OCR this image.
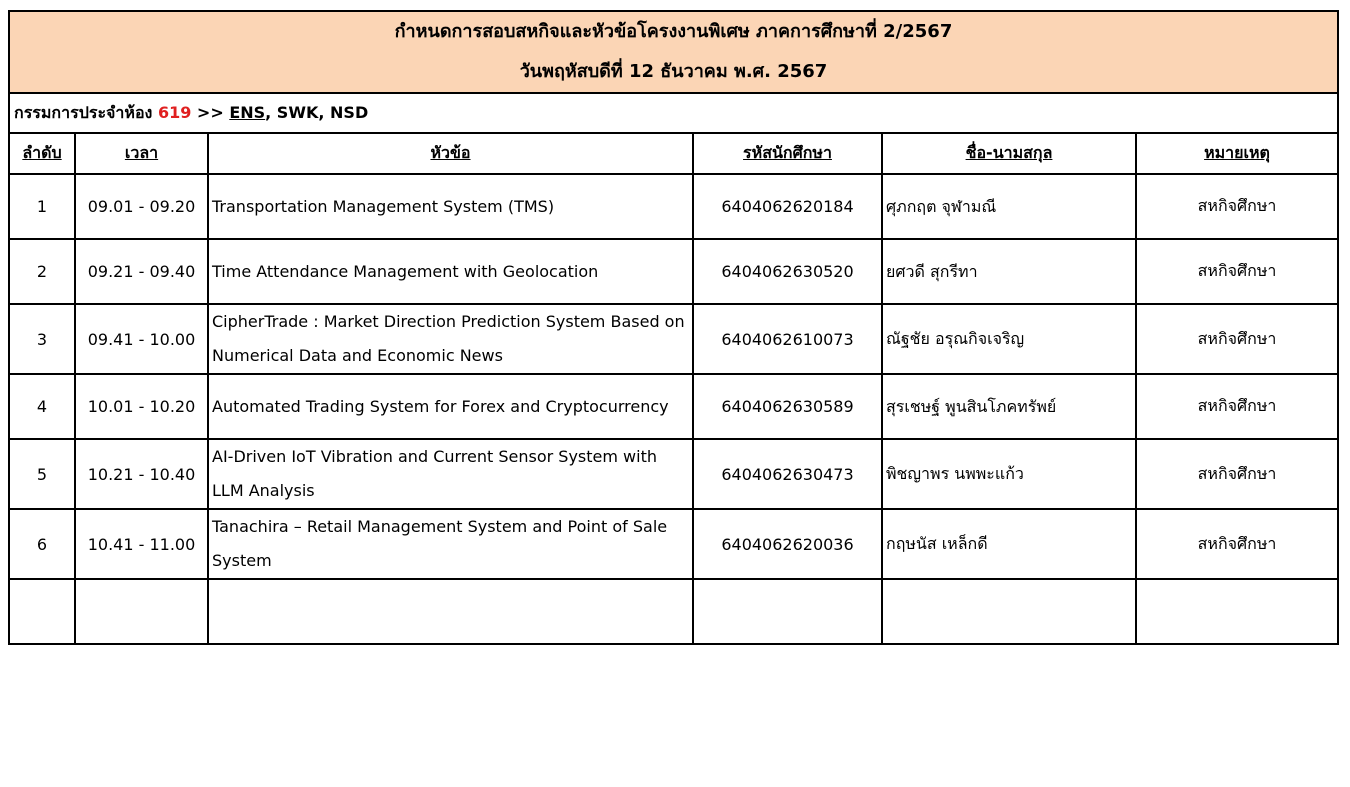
กำหนดการสอบสหกิจและหัวข้อโครงงานพิเศษ ภาคการศึกษาที่ 2/2567
วันพฤหัสบดีที่ 12 ธันวาคม พ.ศ. 2567					

กรรมการประจำห้อง 619 >> ENS, SWK, NSD					
ลำดับ	เวลา	หัวข้อ	รหัสนักศึกษา	ชื่อ-นามสกุล	หมายเหตุ
1	09.01 - 09.20	Transportation Management System (TMS)	6404062620184	ศุภกฤต จุฬามณี	สหกิจศึกษา
2	09.21 - 09.40	Time Attendance Management with Geolocation	6404062630520	ยศวดี สุกรีทา	สหกิจศึกษา
3	09.41 - 10.00	CipherTrade : Market Direction Prediction System Based on Numerical Data and Economic News	6404062610073	ณัฐชัย อรุณกิจเจริญ	สหกิจศึกษา
4	10.01 - 10.20	Automated Trading System for Forex and Cryptocurrency	6404062630589	สุรเชษฐ์ พูนสินโภคทรัพย์	สหกิจศึกษา
5	10.21 - 10.40	AI-Driven IoT Vibration and Current Sensor System with LLM Analysis	6404062630473	พิชญาพร นพพะแก้ว	สหกิจศึกษา
6	10.41 - 11.00	Tanachira – Retail Management System and Point of Sale System	6404062620036	กฤษนัส เหล็กดี	สหกิจศึกษา
